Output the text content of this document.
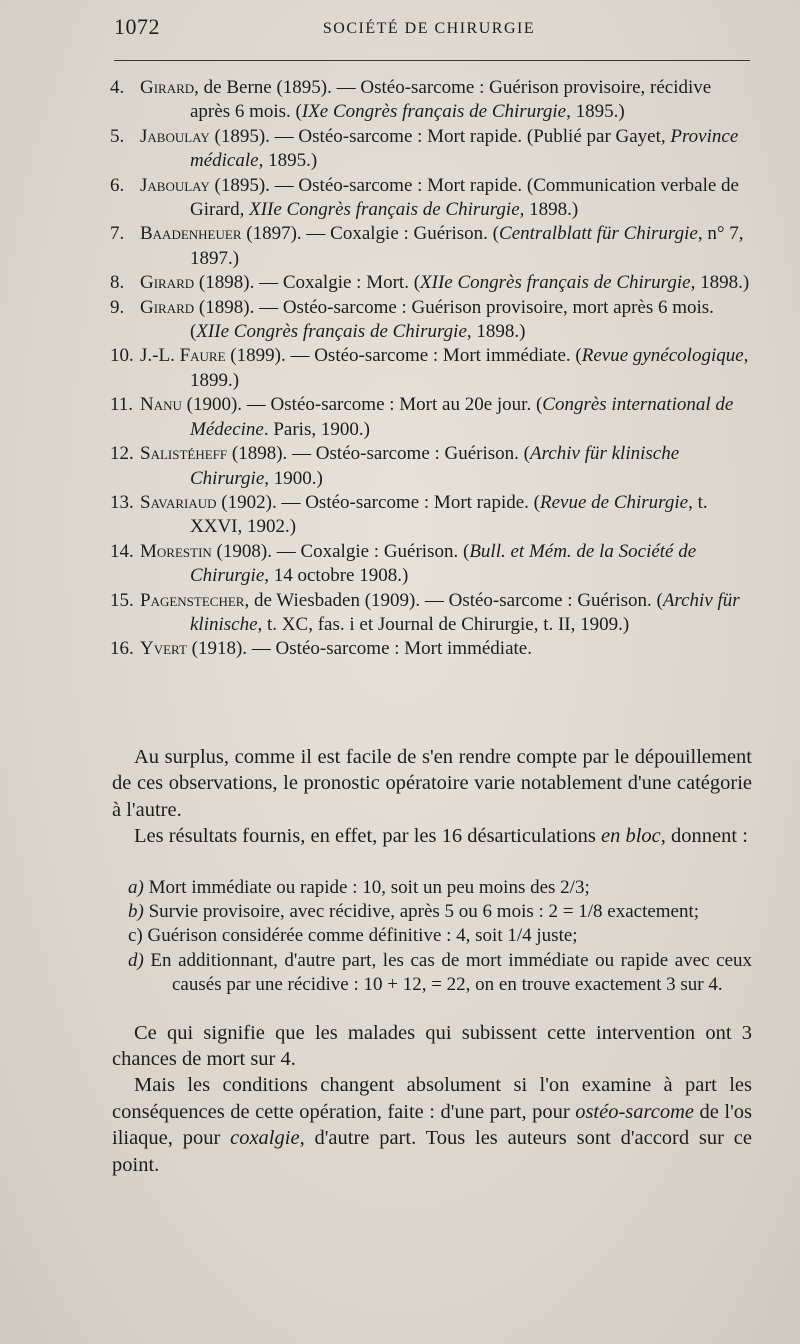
1072	SOCIÉTÉ DE CHIRURGIE
4. Girard, de Berne (1895). — Ostéo-sarcome : Guérison provisoire, récidive après 6 mois. (IXe Congrès français de Chirurgie, 1895.)
5. Jaboulay (1895). — Ostéo-sarcome : Mort rapide. (Publié par Gayet, Province médicale, 1895.)
6. Jaboulay (1895). — Ostéo-sarcome : Mort rapide. (Communication verbale de Girard, XIIe Congrès français de Chirurgie, 1898.)
7. Baadenheuer (1897). — Coxalgie : Guérison. (Centralblatt für Chirurgie, n° 7, 1897.)
8. Girard (1898). — Coxalgie : Mort. (XIIe Congrès français de Chirurgie, 1898.)
9. Girard (1898). — Ostéo-sarcome : Guérison provisoire, mort après 6 mois. (XIIe Congrès français de Chirurgie, 1898.)
10. J.-L. Faure (1899). — Ostéo-sarcome : Mort immédiate. (Revue gynécologique, 1899.)
11. Nanu (1900). — Ostéo-sarcome : Mort au 20e jour. (Congrès international de Médecine. Paris, 1900.)
12. Salistéheff (1898). — Ostéo-sarcome : Guérison. (Archiv für klinische Chirurgie, 1900.)
13. Savariaud (1902). — Ostéo-sarcome : Mort rapide. (Revue de Chirurgie, t. XXVI, 1902.)
14. Morestin (1908). — Coxalgie : Guérison. (Bull. et Mém. de la Société de Chirurgie, 14 octobre 1908.)
15. Pagenstecher, de Wiesbaden (1909). — Ostéo-sarcome : Guérison. (Archiv für klinische, t. XC, fas. i et Journal de Chirurgie, t. II, 1909.)
16. Yvert (1918). — Ostéo-sarcome : Mort immédiate.

Au surplus, comme il est facile de s'en rendre compte par le dépouillement de ces observations, le pronostic opératoire varie notablement d'une catégorie à l'autre.

Les résultats fournis, en effet, par les 16 désarticulations en bloc, donnent :

a) Mort immédiate ou rapide : 10, soit un peu moins des 2/3;
b) Survie provisoire, avec récidive, après 5 ou 6 mois : 2 = 1/8 exactement;
c) Guérison considérée comme définitive : 4, soit 1/4 juste;
d) En additionnant, d'autre part, les cas de mort immédiate ou rapide avec ceux causés par une récidive : 10 + 12, = 22, on en trouve exactement 3 sur 4.

Ce qui signifie que les malades qui subissent cette intervention ont 3 chances de mort sur 4.

Mais les conditions changent absolument si l'on examine à part les conséquences de cette opération, faite : d'une part, pour ostéo-sarcome de l'os iliaque, pour coxalgie, d'autre part. Tous les auteurs sont d'accord sur ce point.
